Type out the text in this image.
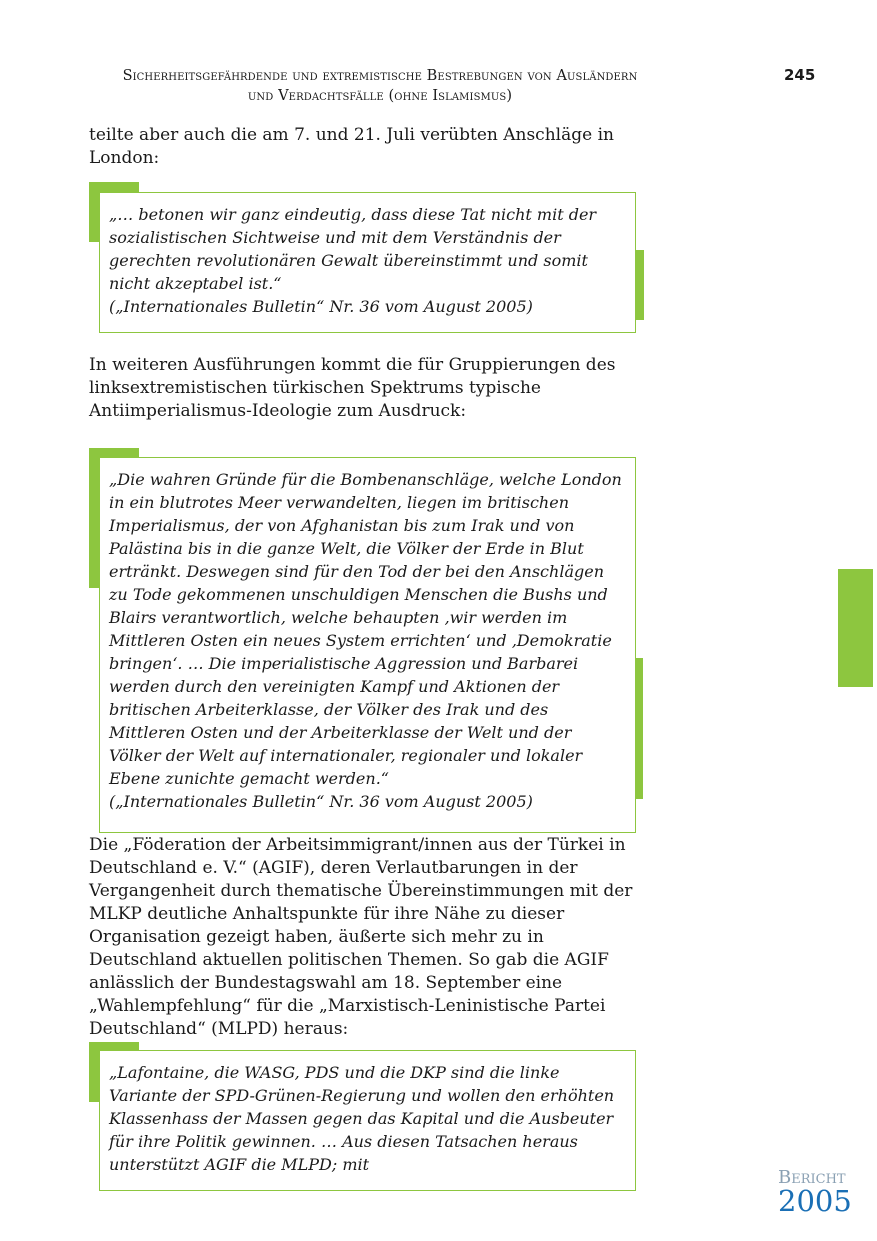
Sicherheitsgefährdende und extremistische Bestrebungen von Ausländern
und Verdachtsfälle (ohne Islamismus)
245

teilte aber auch die am 7. und 21. Juli verübten Anschläge in London:

„… betonen wir ganz eindeutig, dass diese Tat nicht mit der sozialistischen Sichtweise und mit dem Verständnis der gerechten revolutionären Gewalt übereinstimmt und somit nicht akzeptabel ist.“

(„Internationales Bulletin“ Nr. 36 vom August 2005)

In weiteren Ausführungen kommt die für Gruppierungen des linksextremistischen türkischen Spektrums typische Antiimperialismus-Ideologie zum Ausdruck:

„Die wahren Gründe für die Bombenanschläge, welche London in ein blutrotes Meer verwandelten, liegen im britischen Imperialismus, der von Afghanistan bis zum Irak und von Palästina bis in die ganze Welt, die Völker der Erde in Blut ertränkt. Deswegen sind für den Tod der bei den Anschlägen zu Tode gekommenen unschuldigen Menschen die Bushs und Blairs verantwortlich, welche behaupten ‚wir werden im Mittleren Osten ein neues System errichten‘ und ‚Demokratie bringen‘. … Die imperialistische Aggression und Barbarei werden durch den vereinigten Kampf und Aktionen der britischen Arbeiterklasse, der Völker des Irak und des Mittleren Osten und der Arbeiterklasse der Welt und der Völker der Welt auf internationaler, regionaler und lokaler Ebene zunichte gemacht werden.“

(„Internationales Bulletin“ Nr. 36 vom August 2005)

Die „Föderation der Arbeitsimmigrant/innen aus der Türkei in Deutschland e. V.“ (AGIF), deren Verlautbarungen in der Vergangenheit durch thematische Übereinstimmungen mit der MLKP deutliche Anhaltspunkte für ihre Nähe zu dieser Organisation gezeigt haben, äußerte sich mehr zu in Deutschland aktuellen politischen Themen. So gab die AGIF anlässlich der Bundestagswahl am 18. September eine „Wahlempfehlung“ für die „Marxistisch-Leninistische Partei Deutschland“ (MLPD) heraus:

„Lafontaine, die WASG, PDS und die DKP sind die linke Variante der SPD-Grünen-Regierung und wollen den erhöhten Klassenhass der Massen gegen das Kapital und die Ausbeuter für ihre Politik gewinnen. … Aus diesen Tatsachen heraus unterstützt AGIF die MLPD; mit

Bericht
2005
